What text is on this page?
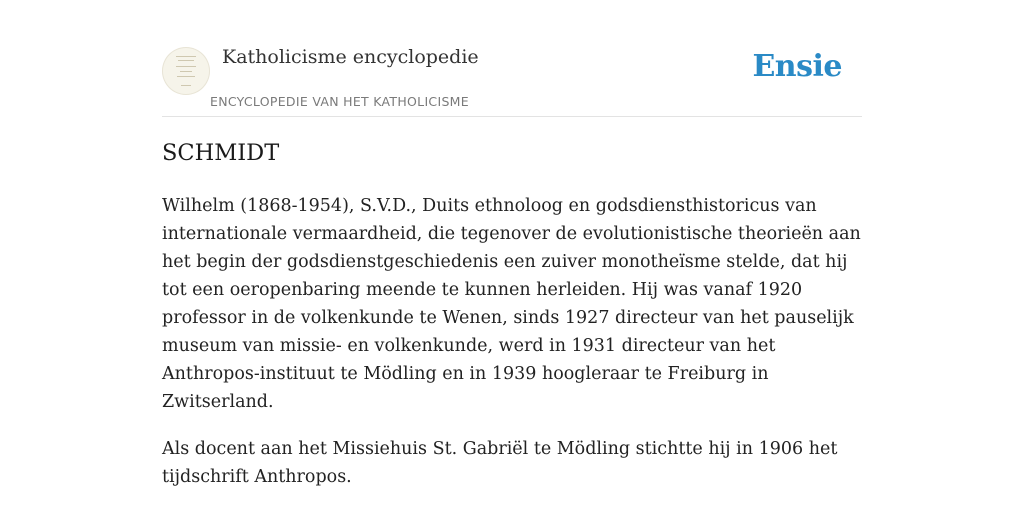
Katholicisme encyclopedie
ENCYCLOPEDIE VAN HET KATHOLICISME
Ensie
SCHMIDT

Wilhelm (1868-1954), S.V.D., Duits ethnoloog en godsdiensthistoricus van internationale vermaardheid, die tegenover de evolutionistische theorieën aan het begin der godsdienstgeschiedenis een zuiver monotheïsme stelde, dat hij tot een oeropenbaring meende te kunnen herleiden. Hij was vanaf 1920 professor in de volkenkunde te Wenen, sinds 1927 directeur van het pauselijk museum van missie- en volkenkunde, werd in 1931 directeur van het Anthropos-instituut te Mödling en in 1939 hoogleraar te Freiburg in Zwitserland.

Als docent aan het Missiehuis St. Gabriël te Mödling stichtte hij in 1906 het tijdschrift Anthropos.
